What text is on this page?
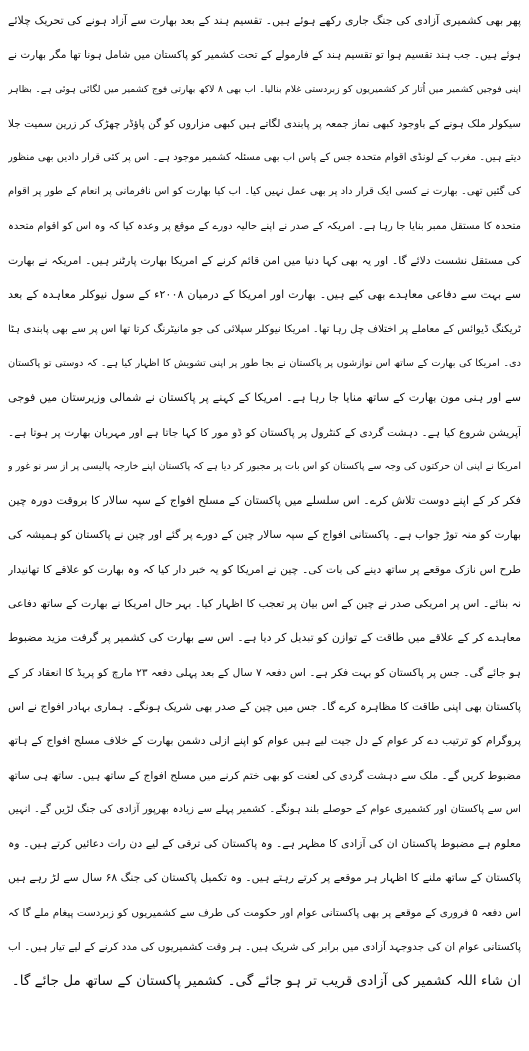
پھر بھی کشمیری آزادی کی جنگ جاری رکھے ہوئے ہیں۔ تقسیم ہند کے بعد بھارت سے آزاد ہونے کی تحریک چلائے
ہوئے ہیں۔ جب ہند تقسیم ہوا تو تقسیم ہند کے فارمولے کے تحت کشمیر کو پاکستان میں شامل ہونا تھا مگر بھارت نے
اپنی فوجیں کشمیر میں اُتار کر کشمیریوں کو زبردستی غلام بنالیا۔ اب بھی ۸ لاکھ بھارتی فوج کشمیر میں لگائی ہوئی ہے۔ بظاہر
سیکولر ملک ہونے کے باوجود کبھی نماز جمعہ پر پابندی لگاتے ہیں کبھی مزاروں کو گن پاؤڈر چھڑک کر زرین سمیت جلا
دیتے ہیں۔ مغرب کے لونڈی اقوام متحدہ جس کے پاس اب بھی مسئلہ کشمیر موجود ہے۔ اس پر کئی قرار دادیں بھی منظور
کی گئیں تھی۔ بھارت نے کسی ایک قرار داد پر بھی عمل نہیں کیا۔ اب کیا بھارت کو اس نافرمانی پر انعام کے طور پر اقوام
متحدہ کا مستقل ممبر بنایا جا رہا ہے۔ امریکہ کے صدر نے اپنے حالیہ دورے کے موقع پر وعدہ کیا کہ وہ اس کو اقوام متحدہ
کی مستقل نشست دلائے گا۔ اور یہ بھی کہا دنیا میں امن قائم کرنے کے امریکا بھارت پارٹنر ہیں۔ امریکہ نے بھارت
سے بہت سے دفاعی معاہدے بھی کیے ہیں۔ بھارت اور امریکا کے درمیان ۲۰۰۸ء کے سول نیوکلر معاہدہ کے بعد
ٹریکنگ ڈیوائس کے معاملے پر اختلاف چل رہا تھا۔ امریکا نیوکلر سپلائی کی جو مانیٹرنگ کرتا تھا اس پر سے بھی پابندی ہٹا
دی۔ امریکا کی بھارت کے ساتھ اس نوازشوں پر پاکستان نے بجا طور پر اپنی تشویش کا اظہار کیا ہے۔ کہ دوستی تو پاکستان
سے اور ہنی مون بھارت کے ساتھ منایا جا رہا ہے۔ امریکا کے کہنے پر پاکستان نے شمالی وزیرستان میں فوجی
آپریشن شروع کیا ہے۔ دہشت گردی کے کنٹرول پر پاکستان کو ڈو مور کا کہا جاتا ہے اور مہربان بھارت پر ہوتا ہے۔
امریکا نے اپنی ان حرکتوں کی وجہ سے پاکستان کو اس بات پر مجبور کر دیا ہے کہ پاکستان اپنے خارجہ پالیسی پر از سر نو غور و
فکر کر کے اپنے دوست تلاش کرے۔ اس سلسلے میں پاکستان کے مسلح افواج کے سپہ سالار کا بروقت دورہ چین
بھارت کو منہ توڑ جواب ہے۔ پاکستانی افواج کے سپہ سالار چین کے دورے پر گئے اور چین نے پاکستان کو ہمیشہ کی
طرح اس نازک موقعے پر ساتھ دینے کی بات کی۔ چین نے امریکا کو یہ خبر دار کیا کہ وہ بھارت کو علاقے کا تھانیدار
نہ بنائے۔ اس پر امریکی صدر نے چین کے اس بیان پر تعجب کا اظہار کیا۔ بہر حال امریکا نے بھارت کے ساتھ دفاعی
معاہدے کر کے علاقے میں طاقت کے توازن کو تبدیل کر دیا ہے۔ اس سے بھارت کی کشمیر پر گرفت مزید مضبوط
ہو جائے گی۔ جس پر پاکستان کو بہت فکر ہے۔ اس دفعہ ۷ سال کے بعد پہلی دفعہ ۲۳ مارچ کو پریڈ کا انعقاد کر کے
پاکستان بھی اپنی طاقت کا مظاہرہ کرے گا۔ جس میں چین کے صدر بھی شریک ہونگے۔ ہماری بہادر افواج نے اس
پروگرام کو ترتیب دے کر عوام کے دل جیت لیے ہیں عوام کو اپنے ازلی دشمن بھارت کے خلاف مسلح افواج کے ہاتھ
مضبوط کریں گے۔ ملک سے دہشت گردی کی لعنت کو بھی ختم کرنے میں مسلح افواج کے ساتھ ہیں۔ ساتھ ہی ساتھ
اس سے پاکستان اور کشمیری عوام کے حوصلے بلند ہونگے۔ کشمیر پہلے سے زیادہ بھرپور آزادی کی جنگ لڑیں گے۔ انہیں
معلوم ہے مضبوط پاکستان ان کی آزادی کا مظہر ہے۔ وہ پاکستان کی ترقی کے لیے دن رات دعائیں کرتے ہیں۔ وہ
پاکستان کے ساتھ ملنے کا اظہار ہر موقعے پر کرتے رہتے ہیں۔ وہ تکمیل پاکستان کی جنگ ۶۸ سال سے لڑ رہے ہیں
اس دفعہ ۵ فروری کے موقعے پر بھی پاکستانی عوام اور حکومت کی طرف سے کشمیریوں کو زبردست پیغام ملے گا کہ
پاکستانی عوام ان کی جدوجہد آزادی میں برابر کی شریک ہیں۔ ہر وقت کشمیریوں کی مدد کرنے کے لیے تیار ہیں۔ اب
ان شاء اللہ کشمیر کی آزادی قریب تر ہو جائے گی۔ کشمیر پاکستان کے ساتھ مل جائے گا۔
